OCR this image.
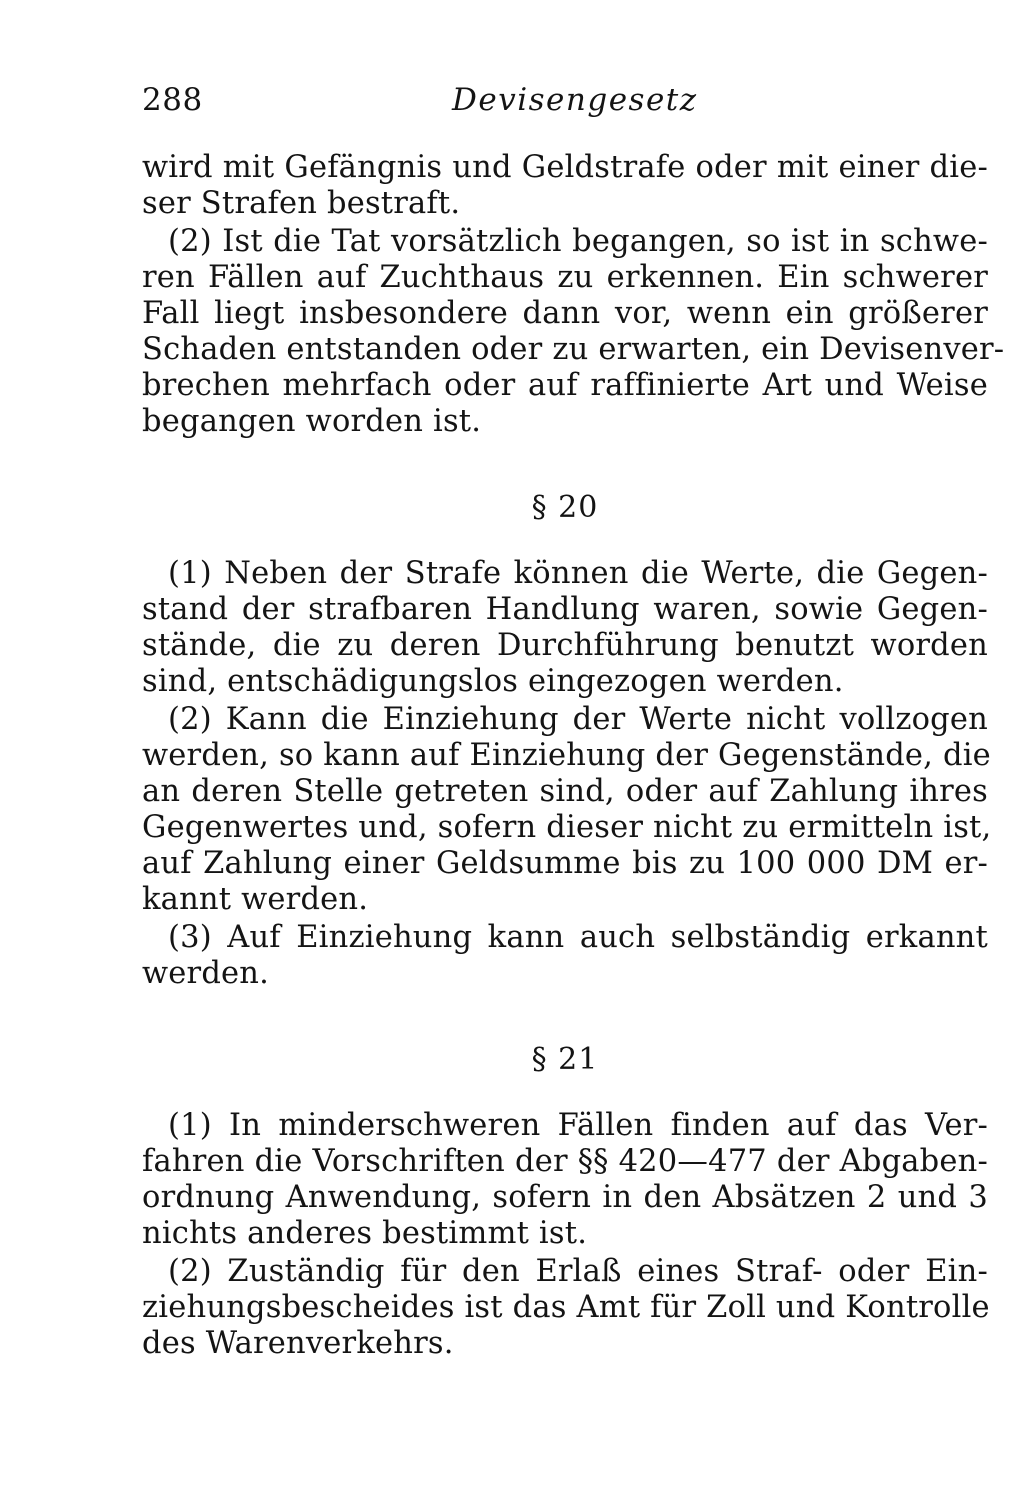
288	Devisengesetz

wird mit Gefängnis und Geldstrafe oder mit einer die-
ser Strafen bestraft.

(2) Ist die Tat vorsätzlich begangen, so ist in schwe-
ren Fällen auf Zuchthaus zu erkennen. Ein schwerer
Fall liegt insbesondere dann vor, wenn ein größerer
Schaden entstanden oder zu erwarten, ein Devisenver-
brechen mehrfach oder auf raffinierte Art und Weise
begangen worden ist.

§ 20

(1) Neben der Strafe können die Werte, die Gegen-
stand der strafbaren Handlung waren, sowie Gegen-
stände, die zu deren Durchführung benutzt worden
sind, entschädigungslos eingezogen werden.

(2) Kann die Einziehung der Werte nicht vollzogen
werden, so kann auf Einziehung der Gegenstände, die
an deren Stelle getreten sind, oder auf Zahlung ihres
Gegenwertes und, sofern dieser nicht zu ermitteln ist,
auf Zahlung einer Geldsumme bis zu 100 000 DM er-
kannt werden.

(3) Auf Einziehung kann auch selbständig erkannt
werden.

§ 21

(1) In minderschweren Fällen finden auf das Ver-
fahren die Vorschriften der §§ 420—477 der Abgaben-
ordnung Anwendung, sofern in den Absätzen 2 und 3
nichts anderes bestimmt ist.

(2) Zuständig für den Erlaß eines Straf- oder Ein-
ziehungsbescheides ist das Amt für Zoll und Kontrolle
des Warenverkehrs.
